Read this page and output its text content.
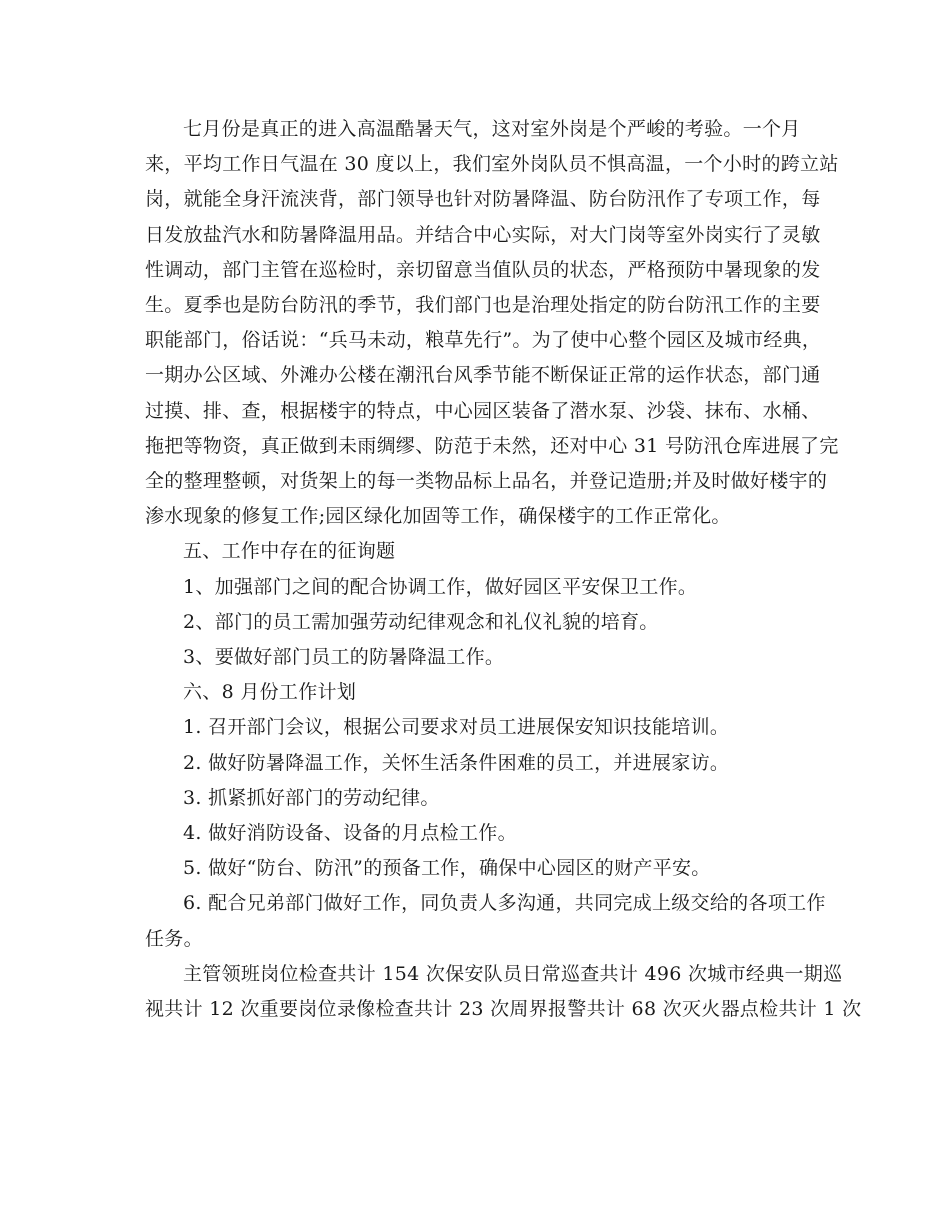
七月份是真正的进入高温酷暑天气，这对室外岗是个严峻的考验。一个月
来，平均工作日气温在 30 度以上，我们室外岗队员不惧高温，一个小时的跨立站
岗，就能全身汗流浃背，部门领导也针对防暑降温、防台防汛作了专项工作，每
日发放盐汽水和防暑降温用品。并结合中心实际，对大门岗等室外岗实行了灵敏
性调动，部门主管在巡检时，亲切留意当值队员的状态，严格预防中暑现象的发
生。夏季也是防台防汛的季节，我们部门也是治理处指定的防台防汛工作的主要
职能部门，俗话说：“兵马未动，粮草先行”。为了使中心整个园区及城市经典，
一期办公区域、外滩办公楼在潮汛台风季节能不断保证正常的运作状态，部门通
过摸、排、查，根据楼宇的特点，中心园区装备了潜水泵、沙袋、抹布、水桶、
拖把等物资，真正做到未雨绸缪、防范于未然，还对中心 31 号防汛仓库进展了完
全的整理整顿，对货架上的每一类物品标上品名，并登记造册;并及时做好楼宇的
渗水现象的修复工作;园区绿化加固等工作，确保楼宇的工作正常化。

五、工作中存在的征询题

1、加强部门之间的配合协调工作，做好园区平安保卫工作。

2、部门的员工需加强劳动纪律观念和礼仪礼貌的培育。

3、要做好部门员工的防暑降温工作。

六、8 月份工作计划

1. 召开部门会议，根据公司要求对员工进展保安知识技能培训。

2. 做好防暑降温工作，关怀生活条件困难的员工，并进展家访。

3. 抓紧抓好部门的劳动纪律。

4. 做好消防设备、设备的月点检工作。

5. 做好“防台、防汛”的预备工作，确保中心园区的财产平安。

6. 配合兄弟部门做好工作，同负责人多沟通，共同完成上级交给的各项工作
任务。

主管领班岗位检查共计 154 次保安队员日常巡查共计 496 次城市经典一期巡
视共计 12 次重要岗位录像检查共计 23 次周界报警共计 68 次灭火器点检共计 1 次
